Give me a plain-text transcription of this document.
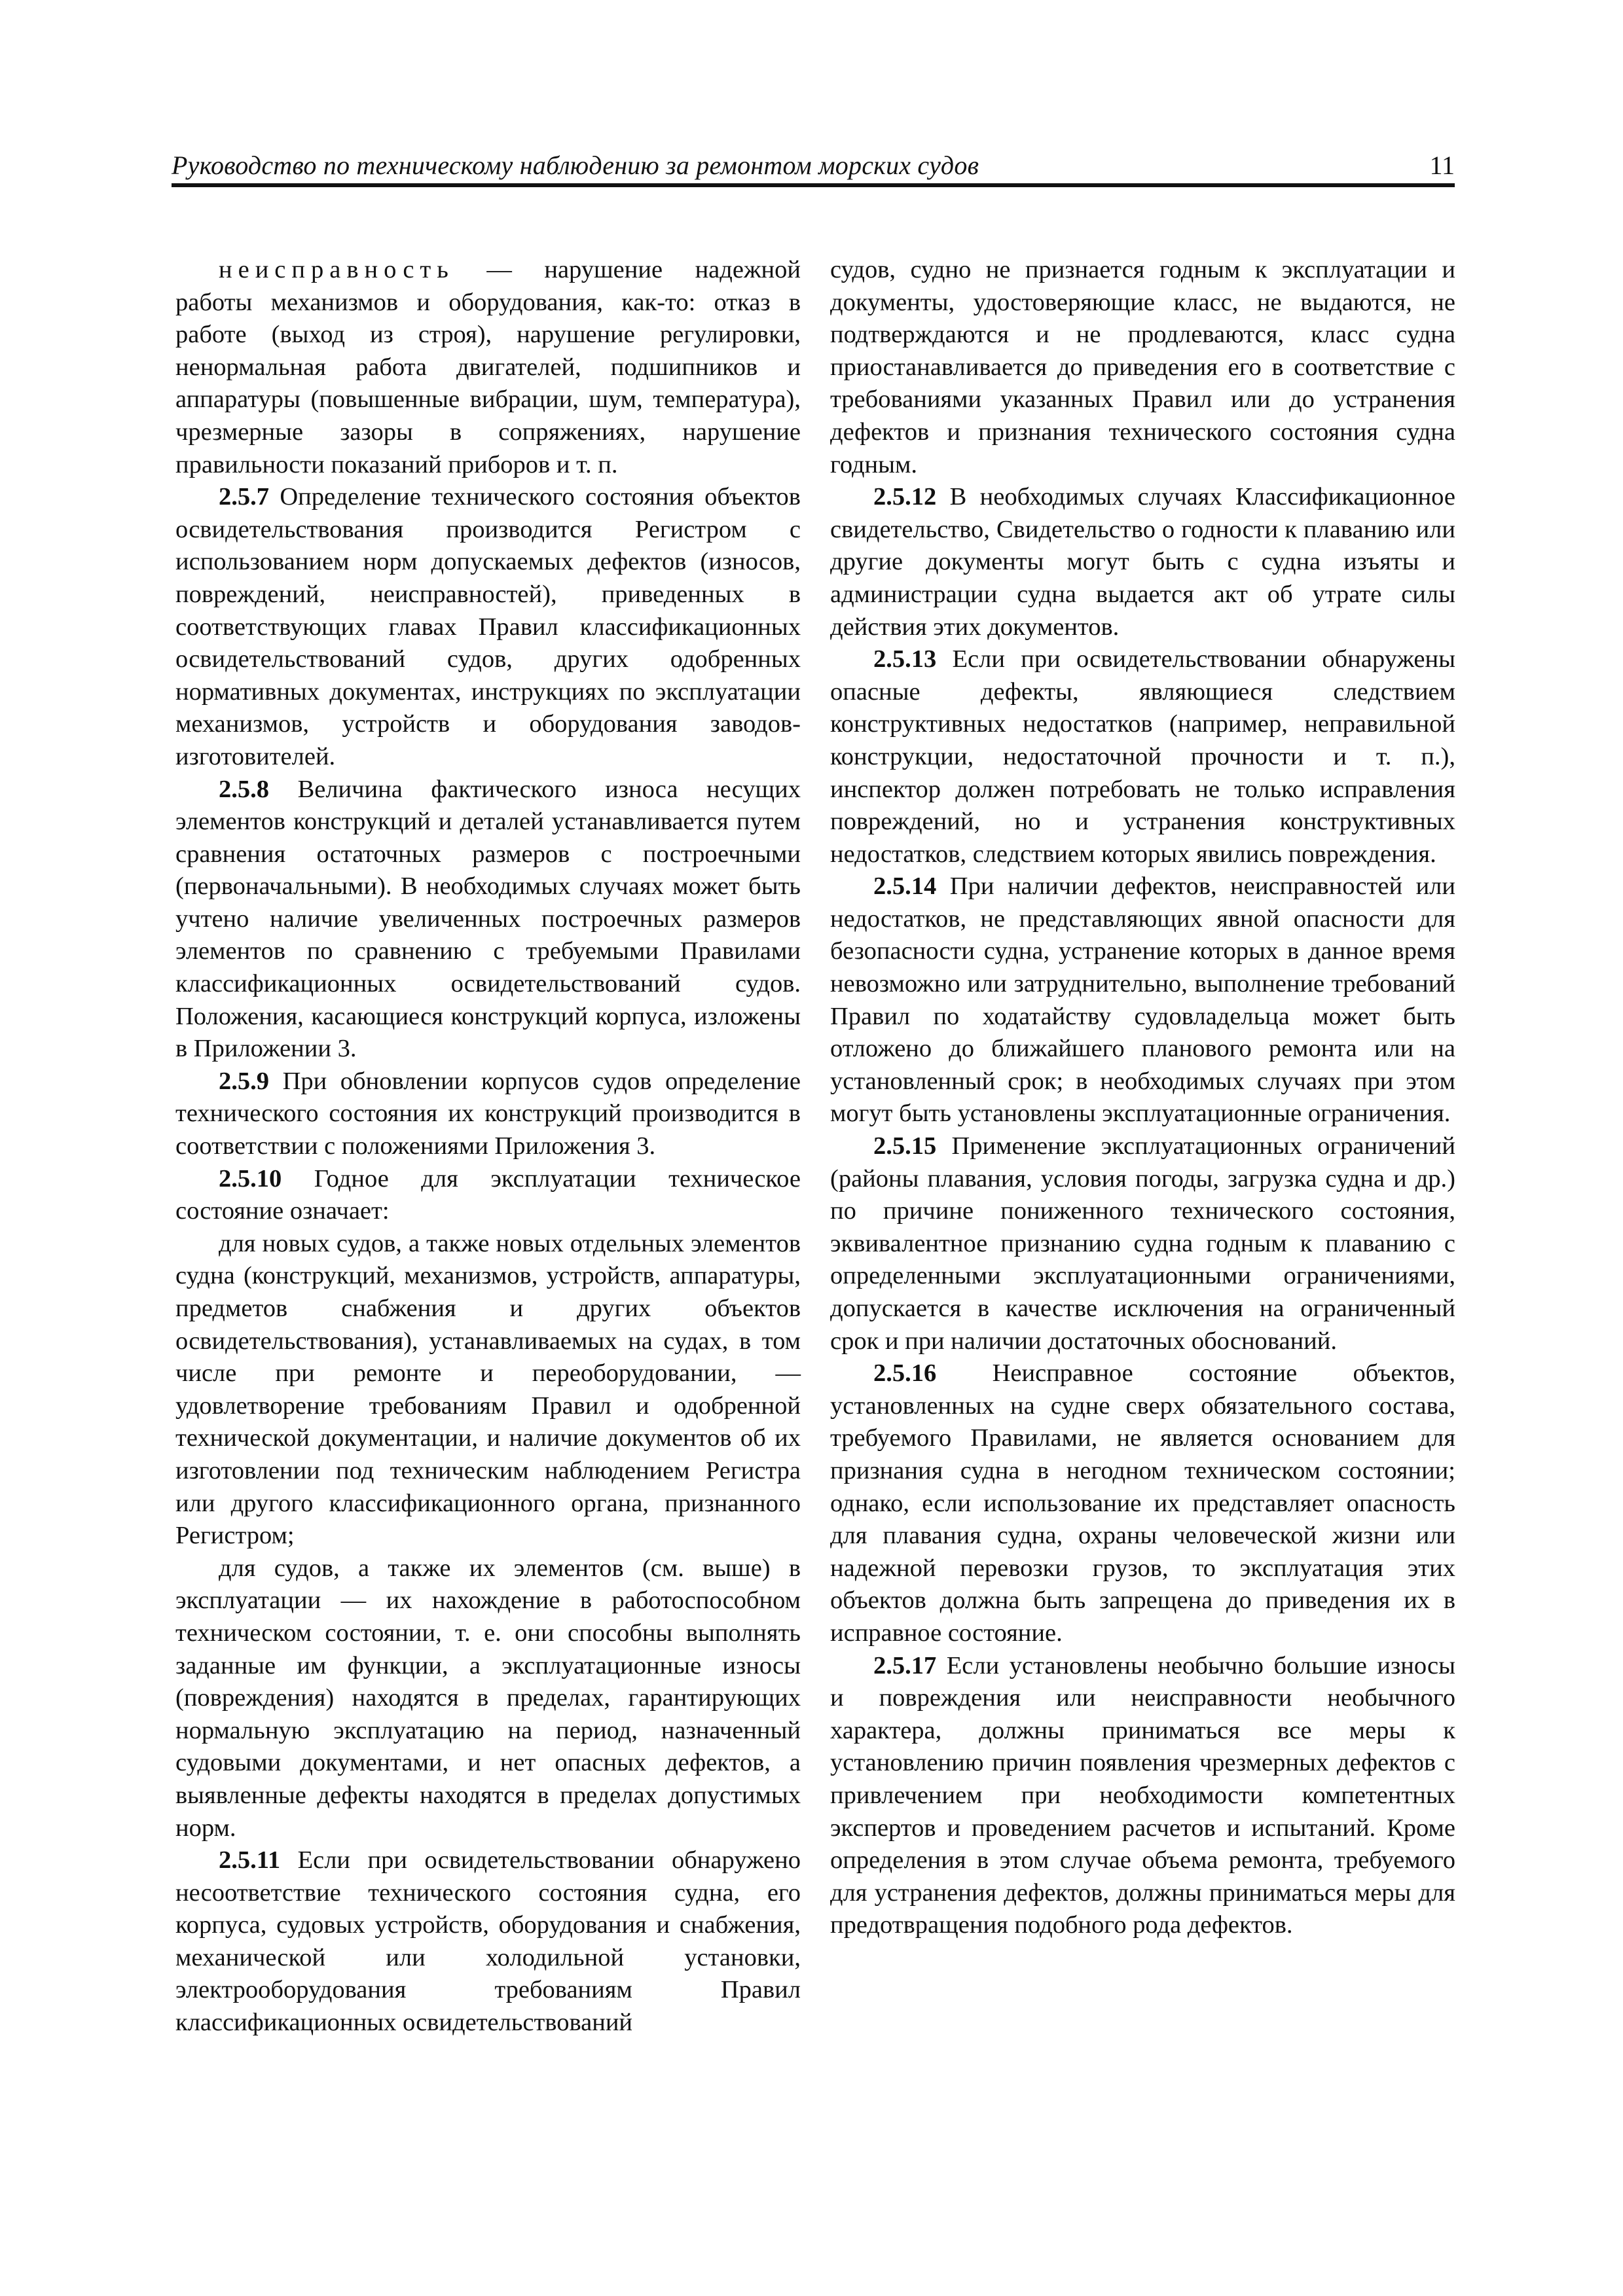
Руководство по техническому наблюдению за ремонтом морских судов	11

неисправность — нарушение надежной работы механизмов и оборудования, как-то: отказ в работе (выход из строя), нарушение регулировки, ненормальная работа двигателей, подшипников и аппаратуры (повышенные вибрации, шум, температура), чрезмерные зазоры в сопряжениях, нарушение правильности показаний приборов и т. п.

2.5.7 Определение технического состояния объектов освидетельствования производится Регистром с использованием норм допускаемых дефектов (износов, повреждений, неисправностей), приведенных в соответствующих главах Правил классификационных освидетельствований судов, других одобренных нормативных документах, инструкциях по эксплуатации механизмов, устройств и оборудования заводов-изготовителей.

2.5.8 Величина фактического износа несущих элементов конструкций и деталей устанавливается путем сравнения остаточных размеров с построечными (первоначальными). В необходимых случаях может быть учтено наличие увеличенных построечных размеров элементов по сравнению с требуемыми Правилами классификационных освидетельствований судов. Положения, касающиеся конструкций корпуса, изложены в Приложении 3.

2.5.9 При обновлении корпусов судов определение технического состояния их конструкций производится в соответствии с положениями Приложения 3.

2.5.10 Годное для эксплуатации техническое состояние означает:

для новых судов, а также новых отдельных элементов судна (конструкций, механизмов, устройств, аппаратуры, предметов снабжения и других объектов освидетельствования), устанавливаемых на судах, в том числе при ремонте и переоборудовании, — удовлетворение требованиям Правил и одобренной технической документации, и наличие документов об их изготовлении под техническим наблюдением Регистра или другого классификационного органа, признанного Регистром;

для судов, а также их элементов (см. выше) в эксплуатации — их нахождение в работоспособном техническом состоянии, т. е. они способны выполнять заданные им функции, а эксплуатационные износы (повреждения) находятся в пределах, гарантирующих нормальную эксплуатацию на период, назначенный судовыми документами, и нет опасных дефектов, а выявленные дефекты находятся в пределах допустимых норм.

2.5.11 Если при освидетельствовании обнаружено несоответствие технического состояния судна, его корпуса, судовых устройств, оборудования и снабжения, механической или холодильной установки, электрооборудования требованиям Правил классификационных освидетельствований

судов, судно не признается годным к эксплуатации и документы, удостоверяющие класс, не выдаются, не подтверждаются и не продлеваются, класс судна приостанавливается до приведения его в соответствие с требованиями указанных Правил или до устранения дефектов и признания технического состояния судна годным.

2.5.12 В необходимых случаях Классификационное свидетельство, Свидетельство о годности к плаванию или другие документы могут быть с судна изъяты и администрации судна выдается акт об утрате силы действия этих документов.

2.5.13 Если при освидетельствовании обнаружены опасные дефекты, являющиеся следствием конструктивных недостатков (например, неправильной конструкции, недостаточной прочности и т. п.), инспектор должен потребовать не только исправления повреждений, но и устранения конструктивных недостатков, следствием которых явились повреждения.

2.5.14 При наличии дефектов, неисправностей или недостатков, не представляющих явной опасности для безопасности судна, устранение которых в данное время невозможно или затруднительно, выполнение требований Правил по ходатайству судовладельца может быть отложено до ближайшего планового ремонта или на установленный срок; в необходимых случаях при этом могут быть установлены эксплуатационные ограничения.

2.5.15 Применение эксплуатационных ограничений (районы плавания, условия погоды, загрузка судна и др.) по причине пониженного технического состояния, эквивалентное признанию судна годным к плаванию с определенными эксплуатационными ограничениями, допускается в качестве исключения на ограниченный срок и при наличии достаточных обоснований.

2.5.16 Неисправное состояние объектов, установленных на судне сверх обязательного состава, требуемого Правилами, не является основанием для признания судна в негодном техническом состоянии; однако, если использование их представляет опасность для плавания судна, охраны человеческой жизни или надежной перевозки грузов, то эксплуатация этих объектов должна быть запрещена до приведения их в исправное состояние.

2.5.17 Если установлены необычно большие износы и повреждения или неисправности необычного характера, должны приниматься все меры к установлению причин появления чрезмерных дефектов с привлечением при необходимости компетентных экспертов и проведением расчетов и испытаний. Кроме определения в этом случае объема ремонта, требуемого для устранения дефектов, должны приниматься меры для предотвращения подобного рода дефектов.
